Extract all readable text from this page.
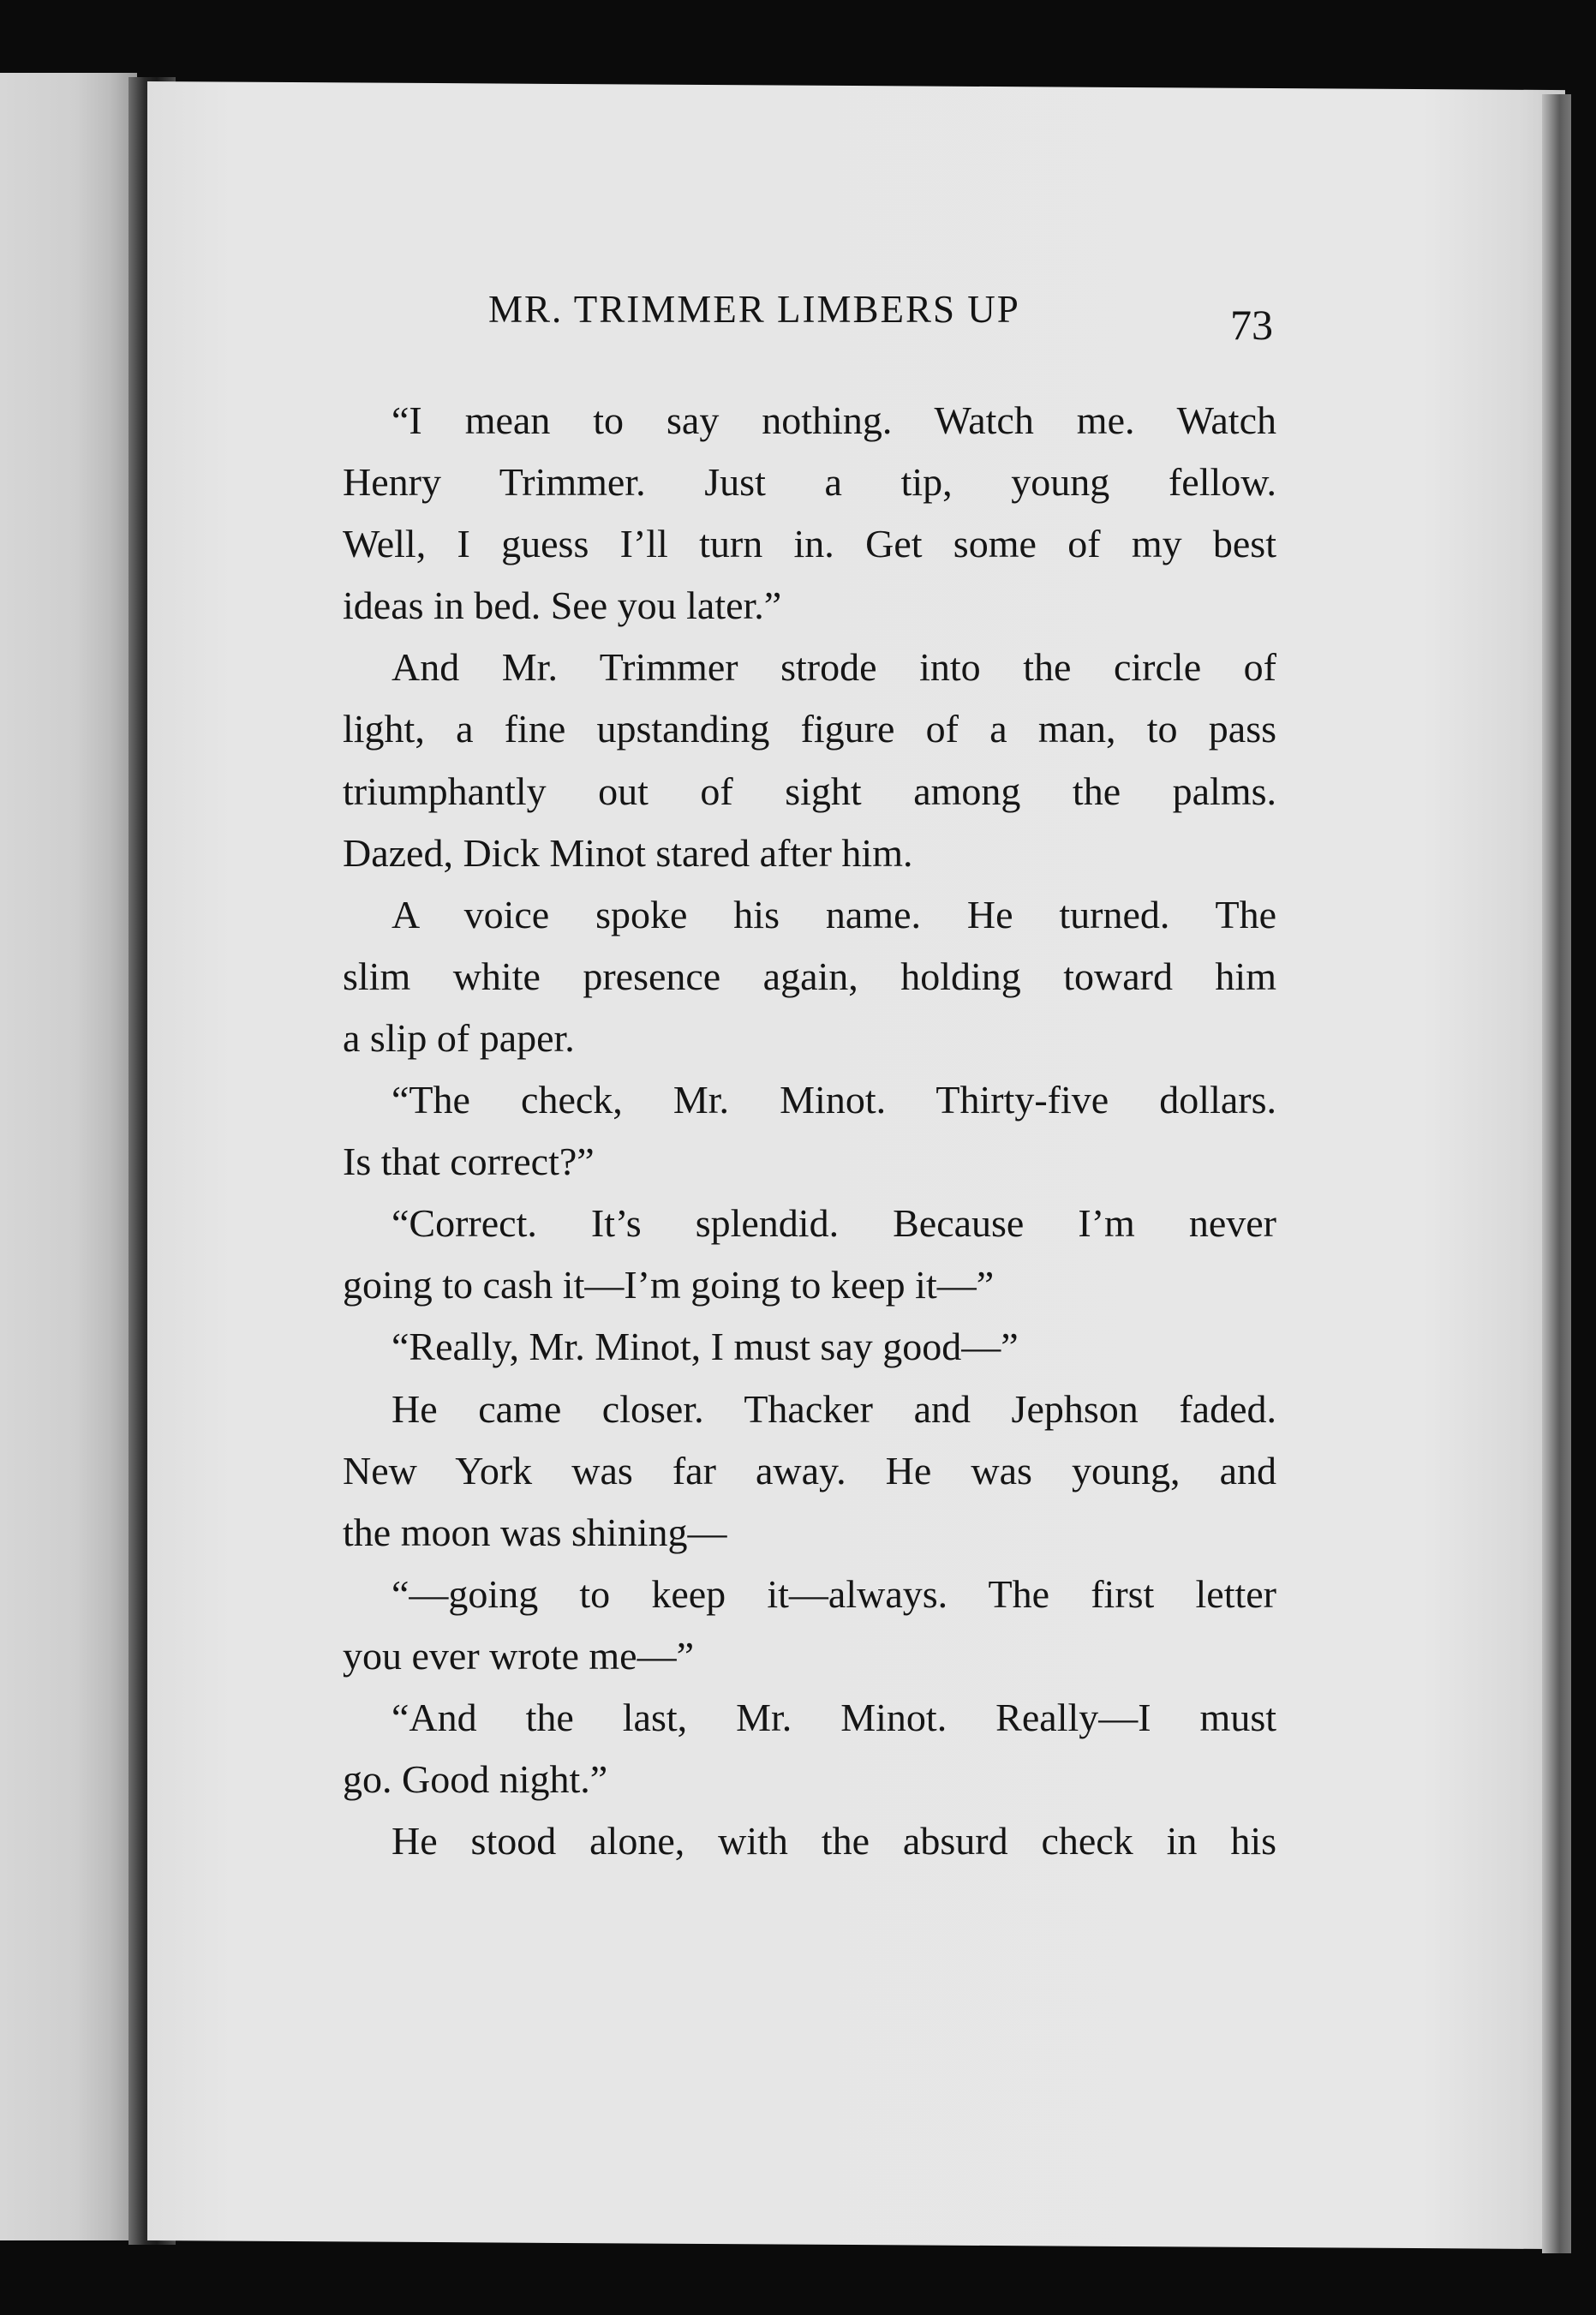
MR. TRIMMER LIMBERS UP	73

“I mean to say nothing. Watch me. Watch
Henry Trimmer. Just a tip, young fellow.
Well, I guess I’ll turn in. Get some of my best
ideas in bed. See you later.”

And Mr. Trimmer strode into the circle of
light, a fine upstanding figure of a man, to pass
triumphantly out of sight among the palms.
Dazed, Dick Minot stared after him.

A voice spoke his name. He turned. The
slim white presence again, holding toward him
a slip of paper.

“The check, Mr. Minot. Thirty-five dollars.
Is that correct?”

“Correct. It’s splendid. Because I’m never
going to cash it—I’m going to keep it—”

“Really, Mr. Minot, I must say good—”

He came closer. Thacker and Jephson faded.
New York was far away. He was young, and
the moon was shining—

“—going to keep it—always. The first letter
you ever wrote me—”

“And the last, Mr. Minot. Really—I must
go. Good night.”

He stood alone, with the absurd check in his
